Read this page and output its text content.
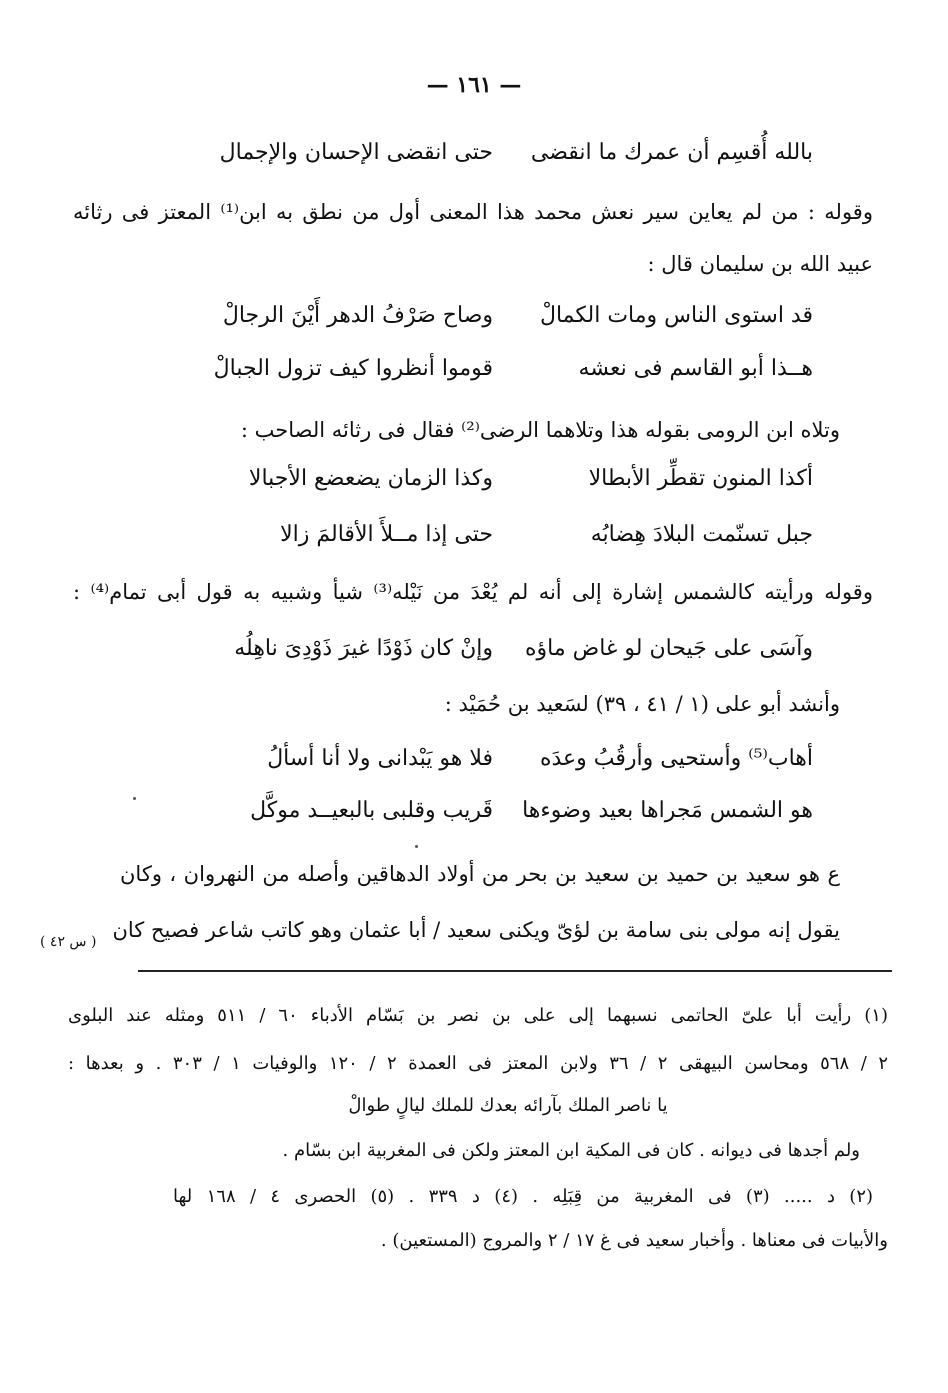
— ١٦١ —
بالله أُقسِم أن عمرك ما انقضى
حتى انقضى الإحسان والإجمال
وقوله : من لم يعاين سير نعش محمد هذا المعنى أول من نطق به ابن⁽¹⁾ المعتز فى رثائه
عبيد الله بن سليمان قال :
قد استوى الناس ومات الكمالْ
وصاح صَرْفُ الدهر أَيْنَ الرجالْ
هــذا أبو القاسم فى نعشه
قوموا أنظروا كيف تزول الجبالْ
وتلاه ابن الرومى بقوله هذا وتلاهما الرضى⁽²⁾ فقال فى رثائه الصاحب :
أكذا المنون تقطِّر الأبطالا
وكذا الزمان يضعضع الأجبالا
جبل تسنّمت البلادَ هِضابُه
حتى إذا مــلأَ الأقالمَ زالا
وقوله ورأيته كالشمس إشارة إلى أنه لم يُعْدَ من نَيْله⁽³⁾ شيأ وشبيه به قول أبى تمام⁽⁴⁾ :
وآسَى على جَيحان لو غاض ماؤه
وإنْ كان ذَوْدًا غيرَ ذَوْدِىَ ناهِلُه
وأنشد أبو على (١ / ٤١ ، ٣٩) لسَعيد بن حُمَيْد :
أهاب⁽⁵⁾ وأستحيى وأرقُبُ وعدَه
فلا هو يَبْدانى ولا أنا أسألُ
هو الشمس مَجراها بعيد وضوءها
قَريب وقلبى بالبعيــد موكَّل
ع هو سعيد بن حميد بن سعيد بن بحر من أولاد الدهاقين وأصله من النهروان ، وكان
يقول إنه مولى بنى سامة بن لؤىّ ويكنى سعيد / أبا عثمان وهو كاتب شاعر فصيح كان
( س ٤٢ )
(١) رأيت أبا علىّ الحاتمى نسبهما إلى على بن نصر بن بَسّام الأدباء ٦٠ / ٥١١ ومثله عند البلوى
٢ / ٥٦٨ ومحاسن البيهقى ٢ / ٣٦ ولابن المعتز فى العمدة ٢ / ١٢٠ والوفيات ١ / ٣٠٣ . و بعدها :
يا ناصر الملك بآرائه بعدك للملك ليالٍ طوالْ
ولم أجدها فى ديوانه . كان فى المكية ابن المعتز ولكن فى المغربية ابن بسّام .
(٢) د ..... (٣) فى المغربية من قِبَلِه . (٤) د ٣٣٩ . (٥) الحصرى ٤ / ١٦٨ لها
والأبيات فى معناها . وأخبار سعيد فى غ ١٧ / ٢ والمروج (المستعين) .
